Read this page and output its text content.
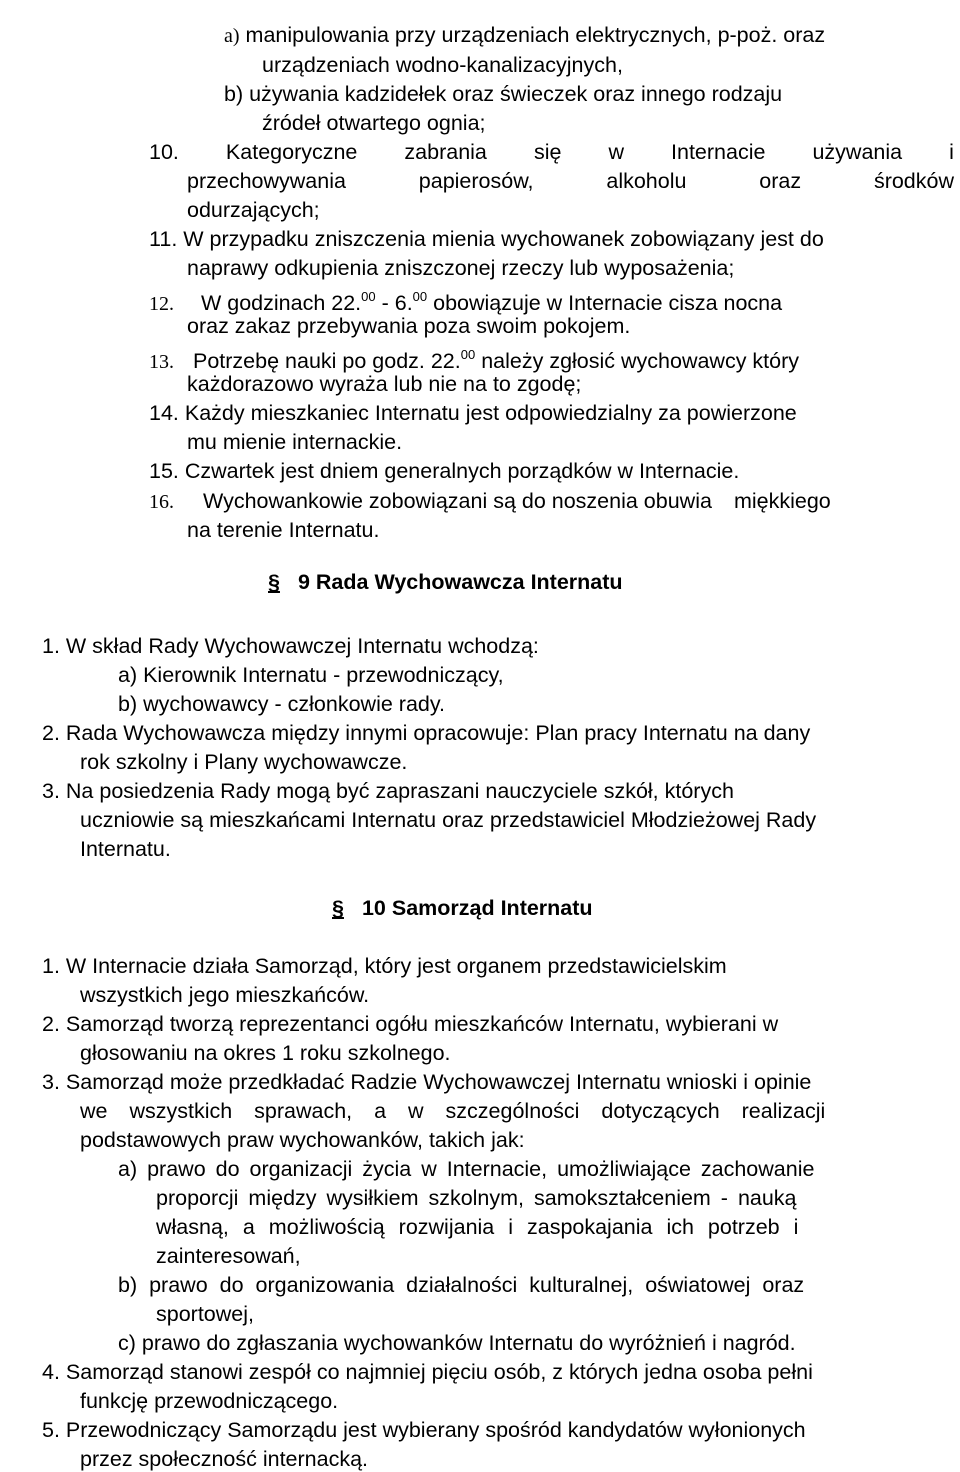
a) manipulowania przy urządzeniach elektrycznych, p-poż. oraz
urządzeniach wodno-kanalizacyjnych,
b) używania kadzidełek oraz świeczek oraz innego rodzaju
źródeł otwartego ognia;
10. Kategoryczne zabrania się w Internacie używania i
przechowywania	papierosów,	alkoholu	oraz	środków
odurzających;
11. W przypadku zniszczenia mienia wychowanek zobowiązany jest do
naprawy odkupienia zniszczonej rzeczy lub wyposażenia;
12. W godzinach 22.00 - 6.00 obowiązuje w Internacie cisza nocna
oraz zakaz przebywania poza swoim pokojem.
13. Potrzebę nauki po godz. 22.00 należy zgłosić wychowawcy który
każdorazowo wyraża lub nie na to zgodę;
14. Każdy mieszkaniec Internatu jest odpowiedzialny za powierzone
mu mienie internackie.
15. Czwartek jest dniem generalnych porządków w Internacie.
16. Wychowankowie zobowiązani są do noszenia obuwia miękkiego
na terenie Internatu.
§ 9 Rada Wychowawcza Internatu
1. W skład Rady Wychowawczej Internatu wchodzą:
a) Kierownik Internatu - przewodniczący,
b) wychowawcy - członkowie rady.
2. Rada Wychowawcza między innymi opracowuje: Plan pracy Internatu na dany
rok szkolny i Plany wychowawcze.
3. Na posiedzenia Rady mogą być zapraszani nauczyciele szkół, których
uczniowie są mieszkańcami Internatu oraz przedstawiciel Młodzieżowej Rady
Internatu.
§ 10 Samorząd Internatu
1. W Internacie działa Samorząd, który jest organem przedstawicielskim
wszystkich jego mieszkańców.
2. Samorząd tworzą reprezentanci ogółu mieszkańców Internatu, wybierani w
głosowaniu na okres 1 roku szkolnego.
3. Samorząd może przedkładać Radzie Wychowawczej Internatu wnioski i opinie
we wszystkich sprawach, a w szczególności dotyczących realizacji
podstawowych praw wychowanków, takich jak:
a) prawo do organizacji życia w Internacie, umożliwiające zachowanie
proporcji między wysiłkiem szkolnym, samokształceniem - nauką
własną, a możliwością rozwijania i zaspokajania ich potrzeb i
zainteresowań,
b) prawo do organizowania działalności kulturalnej, oświatowej oraz
sportowej,
c) prawo do zgłaszania wychowanków Internatu do wyróżnień i nagród.
4. Samorząd stanowi zespół co najmniej pięciu osób, z których jedna osoba pełni
funkcję przewodniczącego.
5. Przewodniczący Samorządu jest wybierany spośród kandydatów wyłonionych
przez społeczność internacką.
